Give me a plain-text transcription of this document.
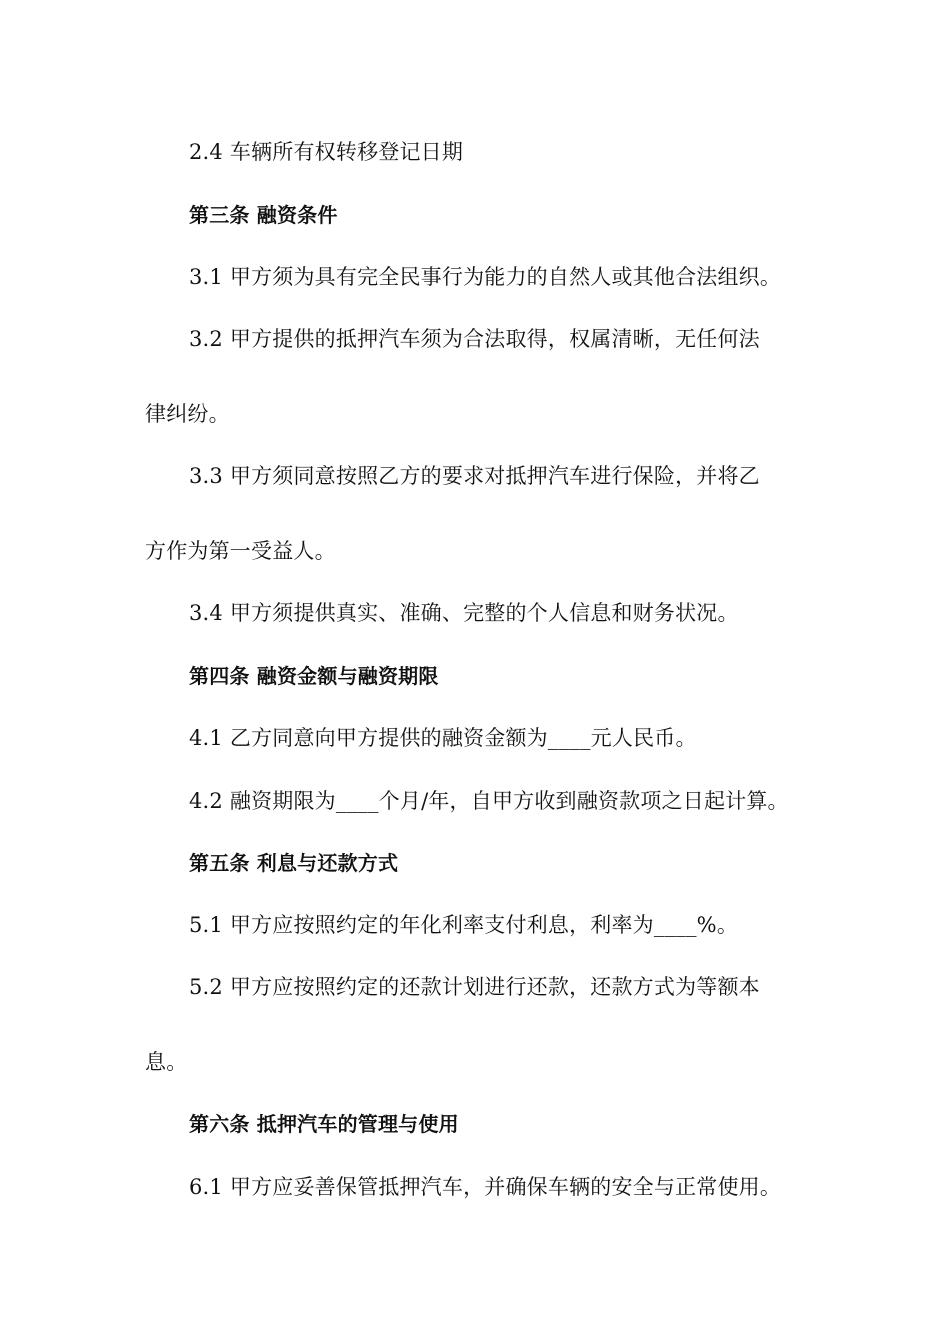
2.4 车辆所有权转移登记日期
第三条 融资条件
3.1 甲方须为具有完全民事行为能力的自然人或其他合法组织。
3.2 甲方提供的抵押汽车须为合法取得，权属清晰，无任何法
律纠纷。
3.3 甲方须同意按照乙方的要求对抵押汽车进行保险，并将乙
方作为第一受益人。
3.4 甲方须提供真实、准确、完整的个人信息和财务状况。
第四条 融资金额与融资期限
4.1 乙方同意向甲方提供的融资金额为____元人民币。
4.2 融资期限为____个月/年，自甲方收到融资款项之日起计算。
第五条 利息与还款方式
5.1 甲方应按照约定的年化利率支付利息，利率为____%。
5.2 甲方应按照约定的还款计划进行还款，还款方式为等额本
息。
第六条 抵押汽车的管理与使用
6.1 甲方应妥善保管抵押汽车，并确保车辆的安全与正常使用。
